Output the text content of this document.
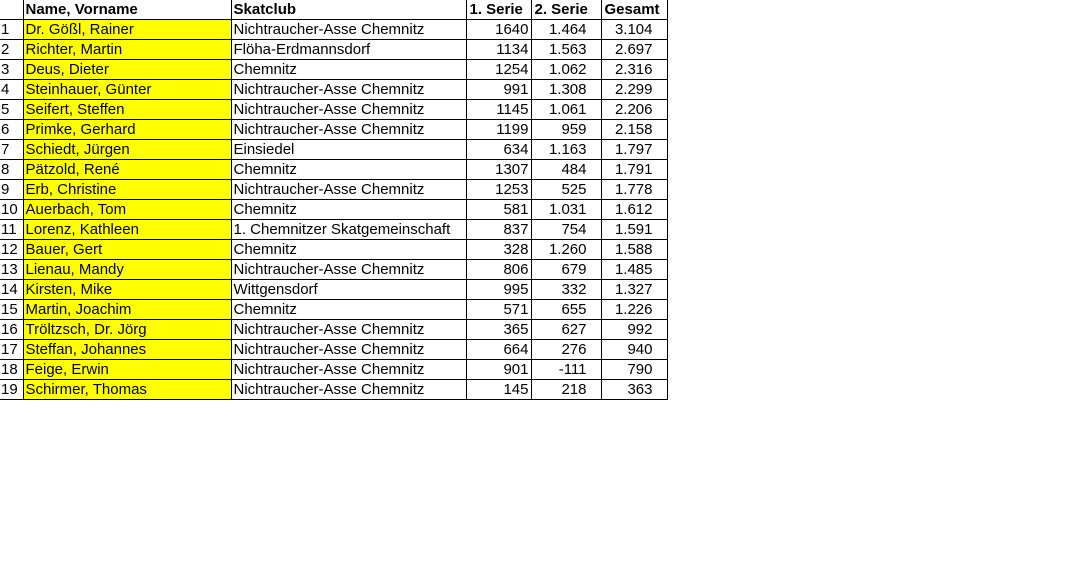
	Name, Vorname	Skatclub	1. Serie	2. Serie	Gesamt
1	Dr. Gößl, Rainer	Nichtraucher-Asse Chemnitz	1640	1.464	3.104
2	Richter, Martin	Flöha-Erdmannsdorf	1134	1.563	2.697
3	Deus, Dieter	Chemnitz	1254	1.062	2.316
4	Steinhauer, Günter	Nichtraucher-Asse Chemnitz	991	1.308	2.299
5	Seifert, Steffen	Nichtraucher-Asse Chemnitz	1145	1.061	2.206
6	Primke, Gerhard	Nichtraucher-Asse Chemnitz	1199	959	2.158
7	Schiedt, Jürgen	Einsiedel	634	1.163	1.797
8	Pätzold, René	Chemnitz	1307	484	1.791
9	Erb, Christine	Nichtraucher-Asse Chemnitz	1253	525	1.778
10	Auerbach, Tom	Chemnitz	581	1.031	1.612
11	Lorenz, Kathleen	1. Chemnitzer Skatgemeinschaft	837	754	1.591
12	Bauer, Gert	Chemnitz	328	1.260	1.588
13	Lienau, Mandy	Nichtraucher-Asse Chemnitz	806	679	1.485
14	Kirsten, Mike	Wittgensdorf	995	332	1.327
15	Martin, Joachim	Chemnitz	571	655	1.226
16	Tröltzsch, Dr. Jörg	Nichtraucher-Asse Chemnitz	365	627	992
17	Steffan, Johannes	Nichtraucher-Asse Chemnitz	664	276	940
18	Feige, Erwin	Nichtraucher-Asse Chemnitz	901	-111	790
19	Schirmer, Thomas	Nichtraucher-Asse Chemnitz	145	218	363
